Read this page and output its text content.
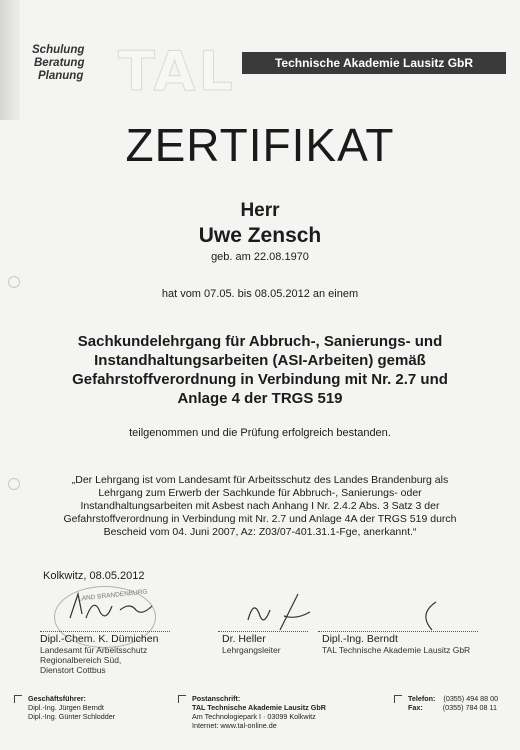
Schulung
Beratung
Planung TAL	Technische Akademie Lausitz GbR
ZERTIFIKAT
Herr
Uwe Zensch
geb. am 22.08.1970
hat vom 07.05. bis 08.05.2012 an einem
Sachkundelehrgang für Abbruch-, Sanierungs- und
Instandhaltungsarbeiten (ASI-Arbeiten) gemäß
Gefahrstoffverordnung in Verbindung mit Nr. 2.7 und
Anlage 4 der TRGS 519
teilgenommen und die Prüfung erfolgreich bestanden.
„Der Lehrgang ist vom Landesamt für Arbeitsschutz des Landes Brandenburg als
Lehrgang zum Erwerb der Sachkunde für Abbruch-, Sanierungs- oder
Instandhaltungsarbeiten mit Asbest nach Anhang I Nr. 2.4.2 Abs. 3 Satz 3 der
Gefahrstoffverordnung in Verbindung mit Nr. 2.7 und Anlage 4A der TRGS 519 durch
Bescheid vom 04. Juni 2007, Az: Z03/07-401.31.1-Fge, anerkannt.“
Kolkwitz, 08.05.2012
LAND BRANDENBURG
Dipl.-Chem. K. Dümichen
Landesamt für Arbeitsschutz
Regionalbereich Süd,
Dienstort Cottbus
Dr. Heller
Lehrgangsleiter
Dipl.-Ing. Berndt
TAL Technische Akademie Lausitz GbR
Geschäftsführer:
Dipl.-Ing. Jürgen Berndt
Dipl.-Ing. Günter Schlodder
Postanschrift:
TAL Technische Akademie Lausitz GbR
Am Technologiepark I · 03099 Kolkwitz
Internet: www.tal-online.de
Telefon: (0355) 494 88 00
Fax:	(0355) 784 08 11
